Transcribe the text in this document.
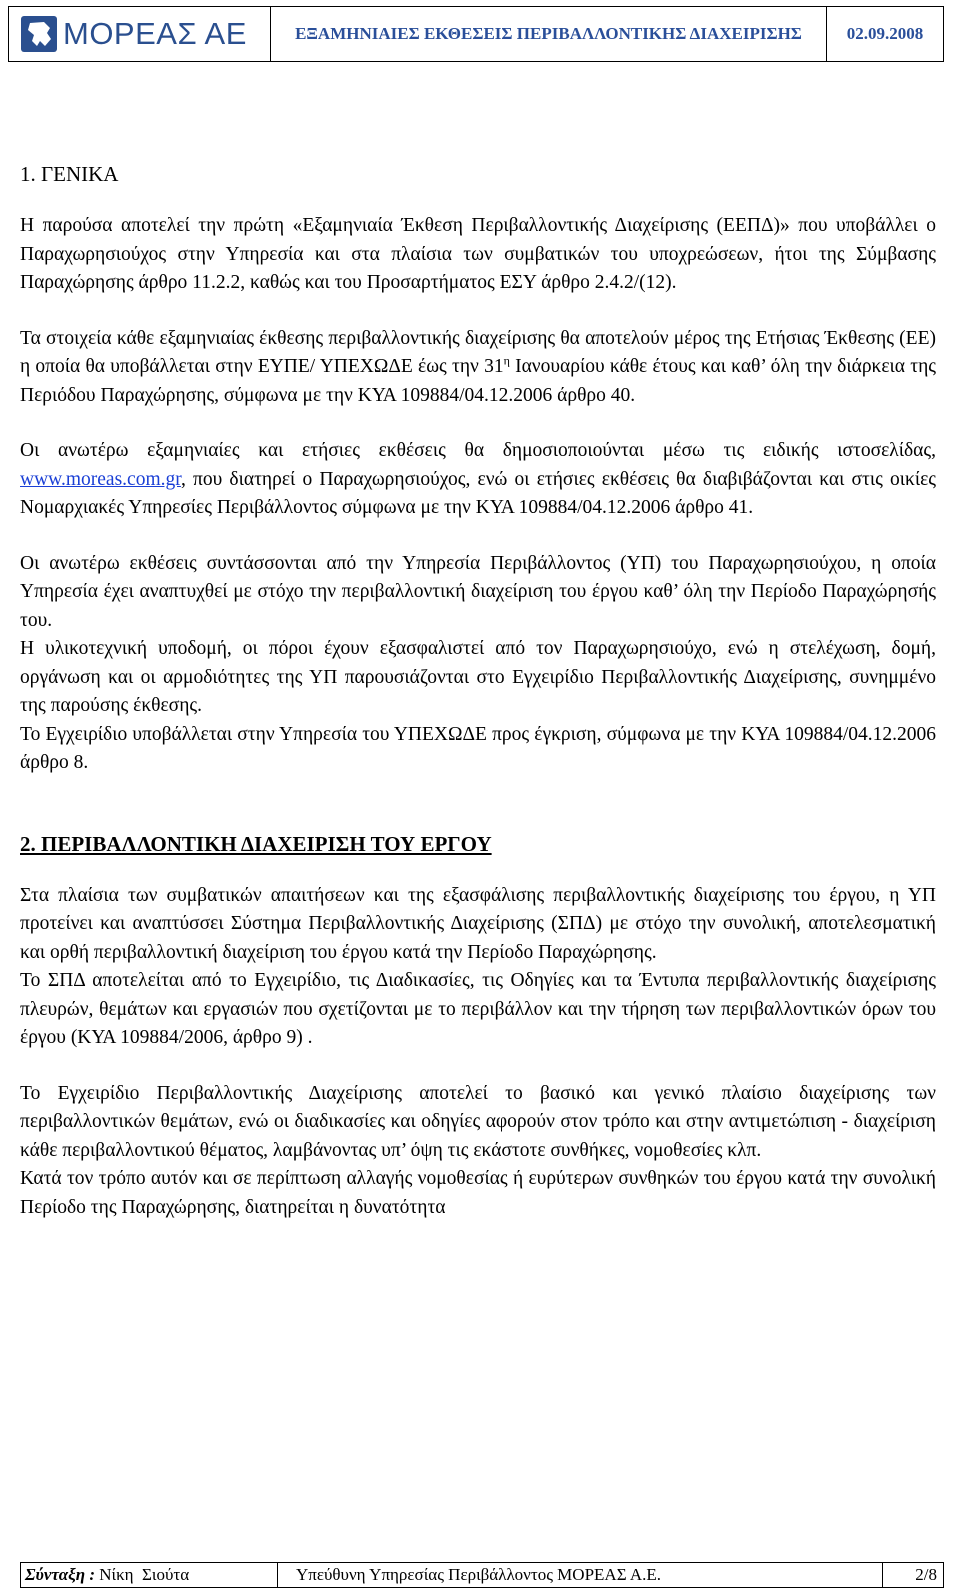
ΜΟΡΕΑΣ ΑΕ	ΕΞΑΜΗΝΙΑΙΕΣ ΕΚΘΕΣΕΙΣ ΠΕΡΙΒΑΛΛΟΝΤΙΚΗΣ ΔΙΑΧΕΙΡΙΣΗΣ	02.09.2008
1. ΓΕΝΙΚΑ

Η παρούσα αποτελεί την πρώτη «Εξαμηνιαία Έκθεση Περιβαλλοντικής Διαχείρισης (ΕΕΠΔ)» που υποβάλλει ο Παραχωρησιούχος στην Υπηρεσία και στα πλαίσια των συμβατικών του υποχρεώσεων, ήτοι της Σύμβασης Παραχώρησης άρθρο 11.2.2, καθώς και του Προσαρτήματος ΕΣΥ άρθρο 2.4.2/(12).

Τα στοιχεία κάθε εξαμηνιαίας έκθεσης περιβαλλοντικής διαχείρισης θα αποτελούν μέρος της Ετήσιας Έκθεσης (ΕΕ) η οποία θα υποβάλλεται στην ΕΥΠΕ/ ΥΠΕΧΩΔΕ έως την $31^\eta$ Ιανουαρίου κάθε έτους και καθ’ όλη την διάρκεια της Περιόδου Παραχώρησης, σύμφωνα με την ΚΥΑ 109884/04.12.2006 άρθρο 40.

Οι ανωτέρω εξαμηνιαίες και ετήσιες εκθέσεις θα δημοσιοποιούνται μέσω τις ειδικής ιστοσελίδας, www.moreas.com.gr, που διατηρεί ο Παραχωρησιούχος, ενώ οι ετήσιες εκθέσεις θα διαβιβάζονται και στις οικίες Νομαρχιακές Υπηρεσίες Περιβάλλοντος σύμφωνα με την ΚΥΑ 109884/04.12.2006 άρθρο 41.

Οι ανωτέρω εκθέσεις συντάσσονται από την Υπηρεσία Περιβάλλοντος (ΥΠ) του Παραχωρησιούχου, η οποία Υπηρεσία έχει αναπτυχθεί με στόχο την περιβαλλοντική διαχείριση του έργου καθ’ όλη την Περίοδο Παραχώρησής του.

Η υλικοτεχνική υποδομή, οι πόροι έχουν εξασφαλιστεί από τον Παραχωρησιούχο, ενώ η στελέχωση, δομή, οργάνωση και οι αρμοδιότητες της ΥΠ παρουσιάζονται στο Εγχειρίδιο Περιβαλλοντικής Διαχείρισης, συνημμένο της παρούσης έκθεσης.

Το Εγχειρίδιο υποβάλλεται στην Υπηρεσία του ΥΠΕΧΩΔΕ προς έγκριση, σύμφωνα με την ΚΥΑ 109884/04.12.2006 άρθρο 8.

2. ΠΕΡΙΒΑΛΛΟΝΤΙΚΗ ΔΙΑΧΕΙΡΙΣΗ ΤΟΥ ΕΡΓΟΥ

Στα πλαίσια των συμβατικών απαιτήσεων και της εξασφάλισης περιβαλλοντικής διαχείρισης του έργου, η ΥΠ προτείνει και αναπτύσσει Σύστημα Περιβαλλοντικής Διαχείρισης (ΣΠΔ) με στόχο την συνολική, αποτελεσματική και ορθή περιβαλλοντική διαχείριση του έργου κατά την Περίοδο Παραχώρησης.

Το ΣΠΔ αποτελείται από το Εγχειρίδιο, τις Διαδικασίες, τις Οδηγίες και τα Έντυπα περιβαλλοντικής διαχείρισης πλευρών, θεμάτων και εργασιών που σχετίζονται με το περιβάλλον και την τήρηση των περιβαλλοντικών όρων του έργου (ΚΥΑ 109884/2006, άρθρο 9) .

Το Εγχειρίδιο Περιβαλλοντικής Διαχείρισης αποτελεί το βασικό και γενικό πλαίσιο διαχείρισης των περιβαλλοντικών θεμάτων, ενώ οι διαδικασίες και οδηγίες αφορούν στον τρόπο και στην αντιμετώπιση - διαχείριση κάθε περιβαλλοντικού θέματος, λαμβάνοντας υπ’ όψη τις εκάστοτε συνθήκες, νομοθεσίες κλπ.

Κατά τον τρόπο αυτόν και σε περίπτωση αλλαγής νομοθεσίας ή ευρύτερων συνθηκών του έργου κατά την συνολική Περίοδο της Παραχώρησης, διατηρείται η δυνατότητα

Σύνταξη : Νίκη  Σιούτα	Υπεύθυνη Υπηρεσίας Περιβάλλοντος ΜΟΡΕΑΣ Α.Ε.	2/8
